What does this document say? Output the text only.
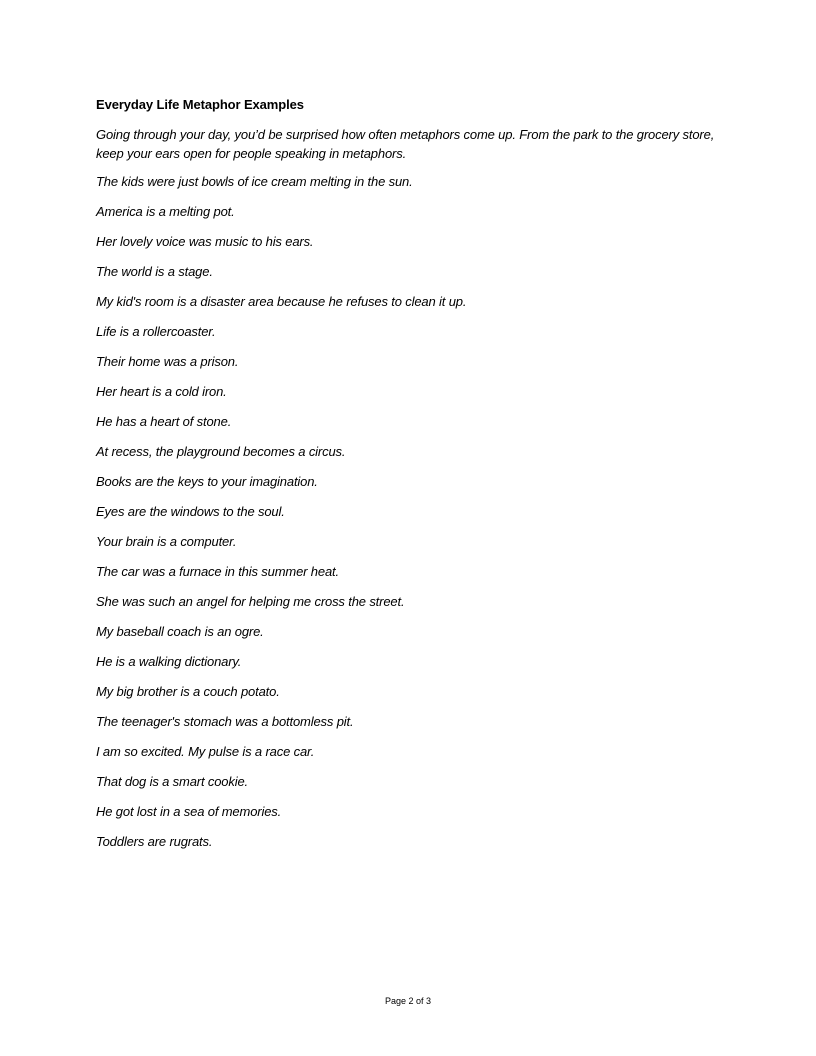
Everyday Life Metaphor Examples

Going through your day, you’d be surprised how often metaphors come up. From the park to the grocery store, keep your ears open for people speaking in metaphors.

The kids were just bowls of ice cream melting in the sun.
America is a melting pot.
Her lovely voice was music to his ears.
The world is a stage.
My kid's room is a disaster area because he refuses to clean it up.
Life is a rollercoaster.
Their home was a prison.
Her heart is a cold iron.
He has a heart of stone.
At recess, the playground becomes a circus.
Books are the keys to your imagination.
Eyes are the windows to the soul.
Your brain is a computer.
The car was a furnace in this summer heat.
She was such an angel for helping me cross the street.
My baseball coach is an ogre.
He is a walking dictionary.
My big brother is a couch potato.
The teenager's stomach was a bottomless pit.
I am so excited. My pulse is a race car.
That dog is a smart cookie.
He got lost in a sea of memories.
Toddlers are rugrats.
Page 2 of 3
